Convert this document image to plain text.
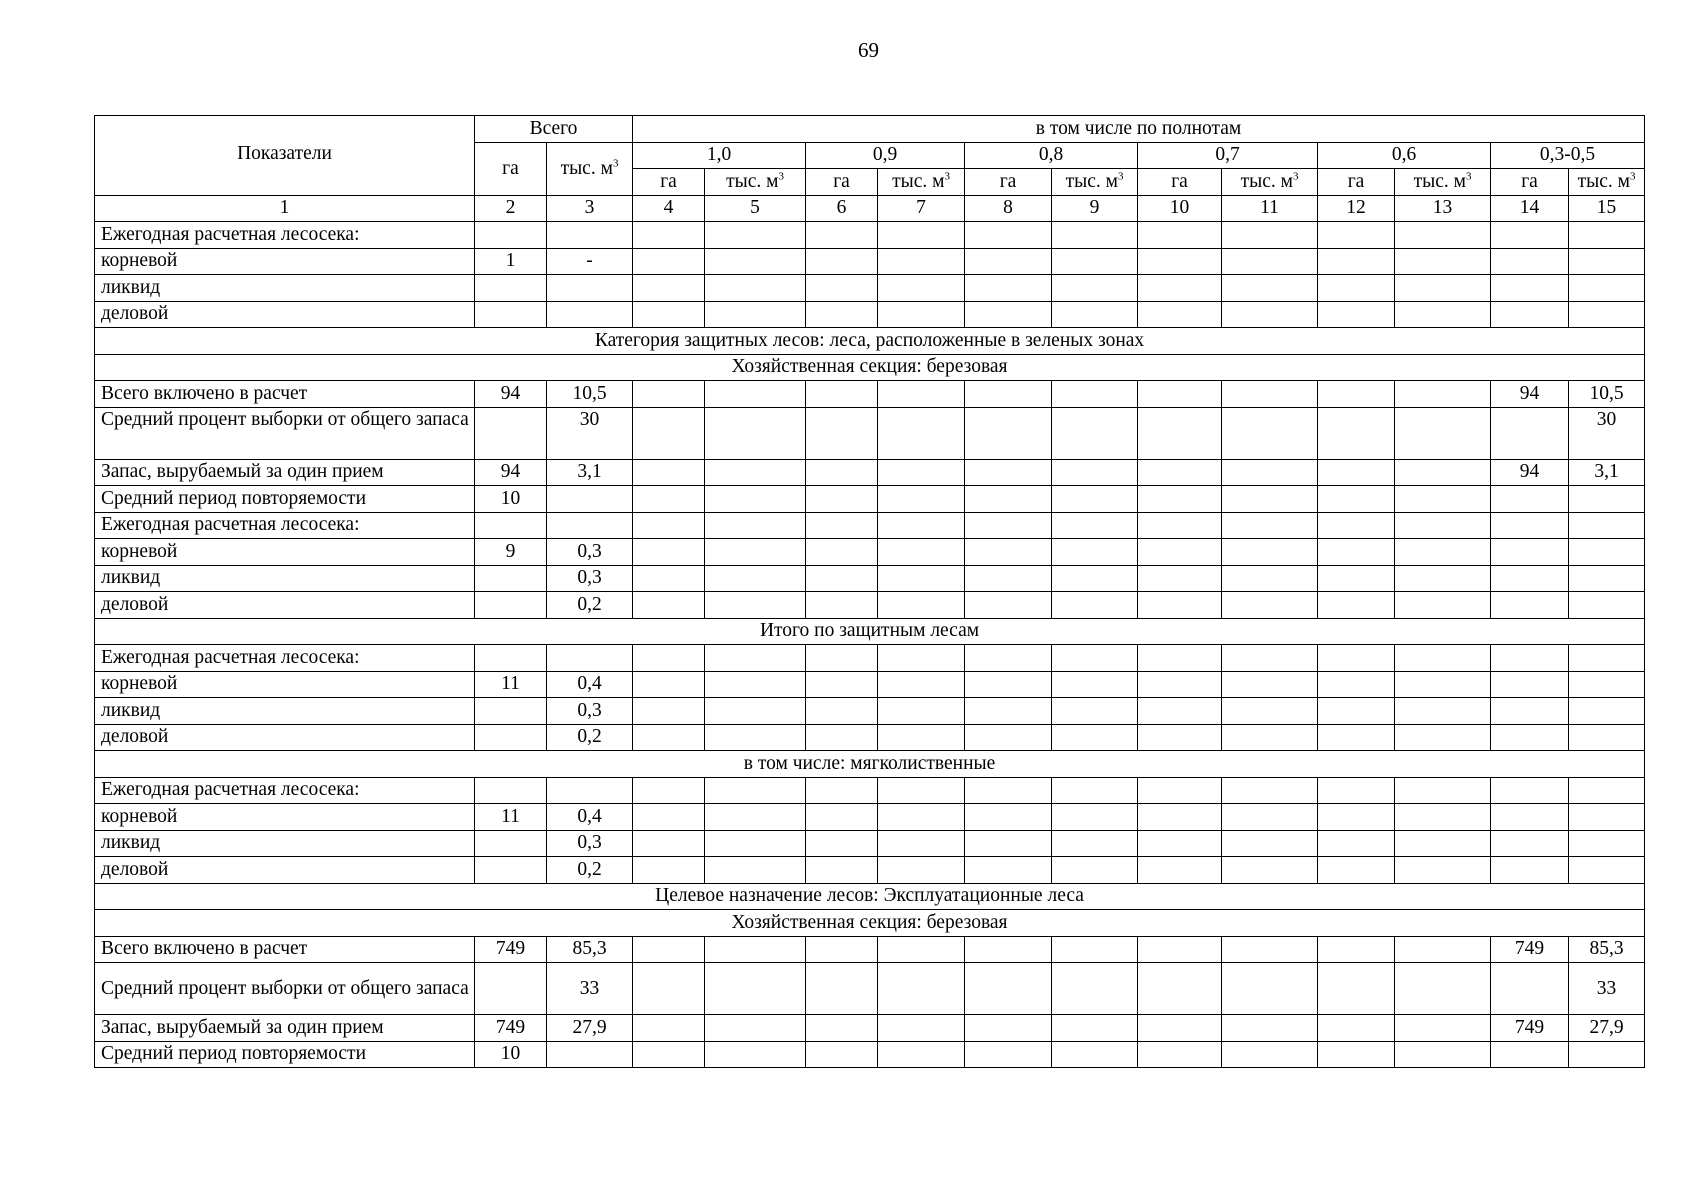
69
Показатели	Всего		в том числе по полнотам											
	га	тыс. $м^3$	1,0		0,9		0,8		0,7		0,6		0,3-0,5	
			га	тыс. $м^3$	га	тыс. $м^3$	га	тыс. $м^3$	га	тыс. $м^3$	га	тыс. $м^3$	га	тыс. $м^3$
1	2	3	4	5	6	7	8	9	10	11	12	13	14	15
Ежегодная расчетная лесосека:														
корневой	1	-												
ликвид														
деловой														
Категория защитных лесов: леса, расположенные в зеленых зонах														
Хозяйственная секция: березовая														
Всего включено в расчет	94	10,5											94	10,5
Средний процент выборки от общего запаса		30												30
Запас, вырубаемый за один прием	94	3,1											94	3,1
Средний период повторяемости	10													
Ежегодная расчетная лесосека:														
корневой	9	0,3												
ликвид		0,3												
деловой		0,2												
Итого по защитным лесам														
Ежегодная расчетная лесосека:														
корневой	11	0,4												
ликвид		0,3												
деловой		0,2												
в том числе: мягколиственные														
Ежегодная расчетная лесосека:														
корневой	11	0,4												
ликвид		0,3												
деловой		0,2												
Целевое назначение лесов: Эксплуатационные леса														
Хозяйственная секция: березовая														
Всего включено в расчет	749	85,3											749	85,3
Средний процент выборки от общего запаса		33												33
Запас, вырубаемый за один прием	749	27,9											749	27,9
Средний период повторяемости	10													
